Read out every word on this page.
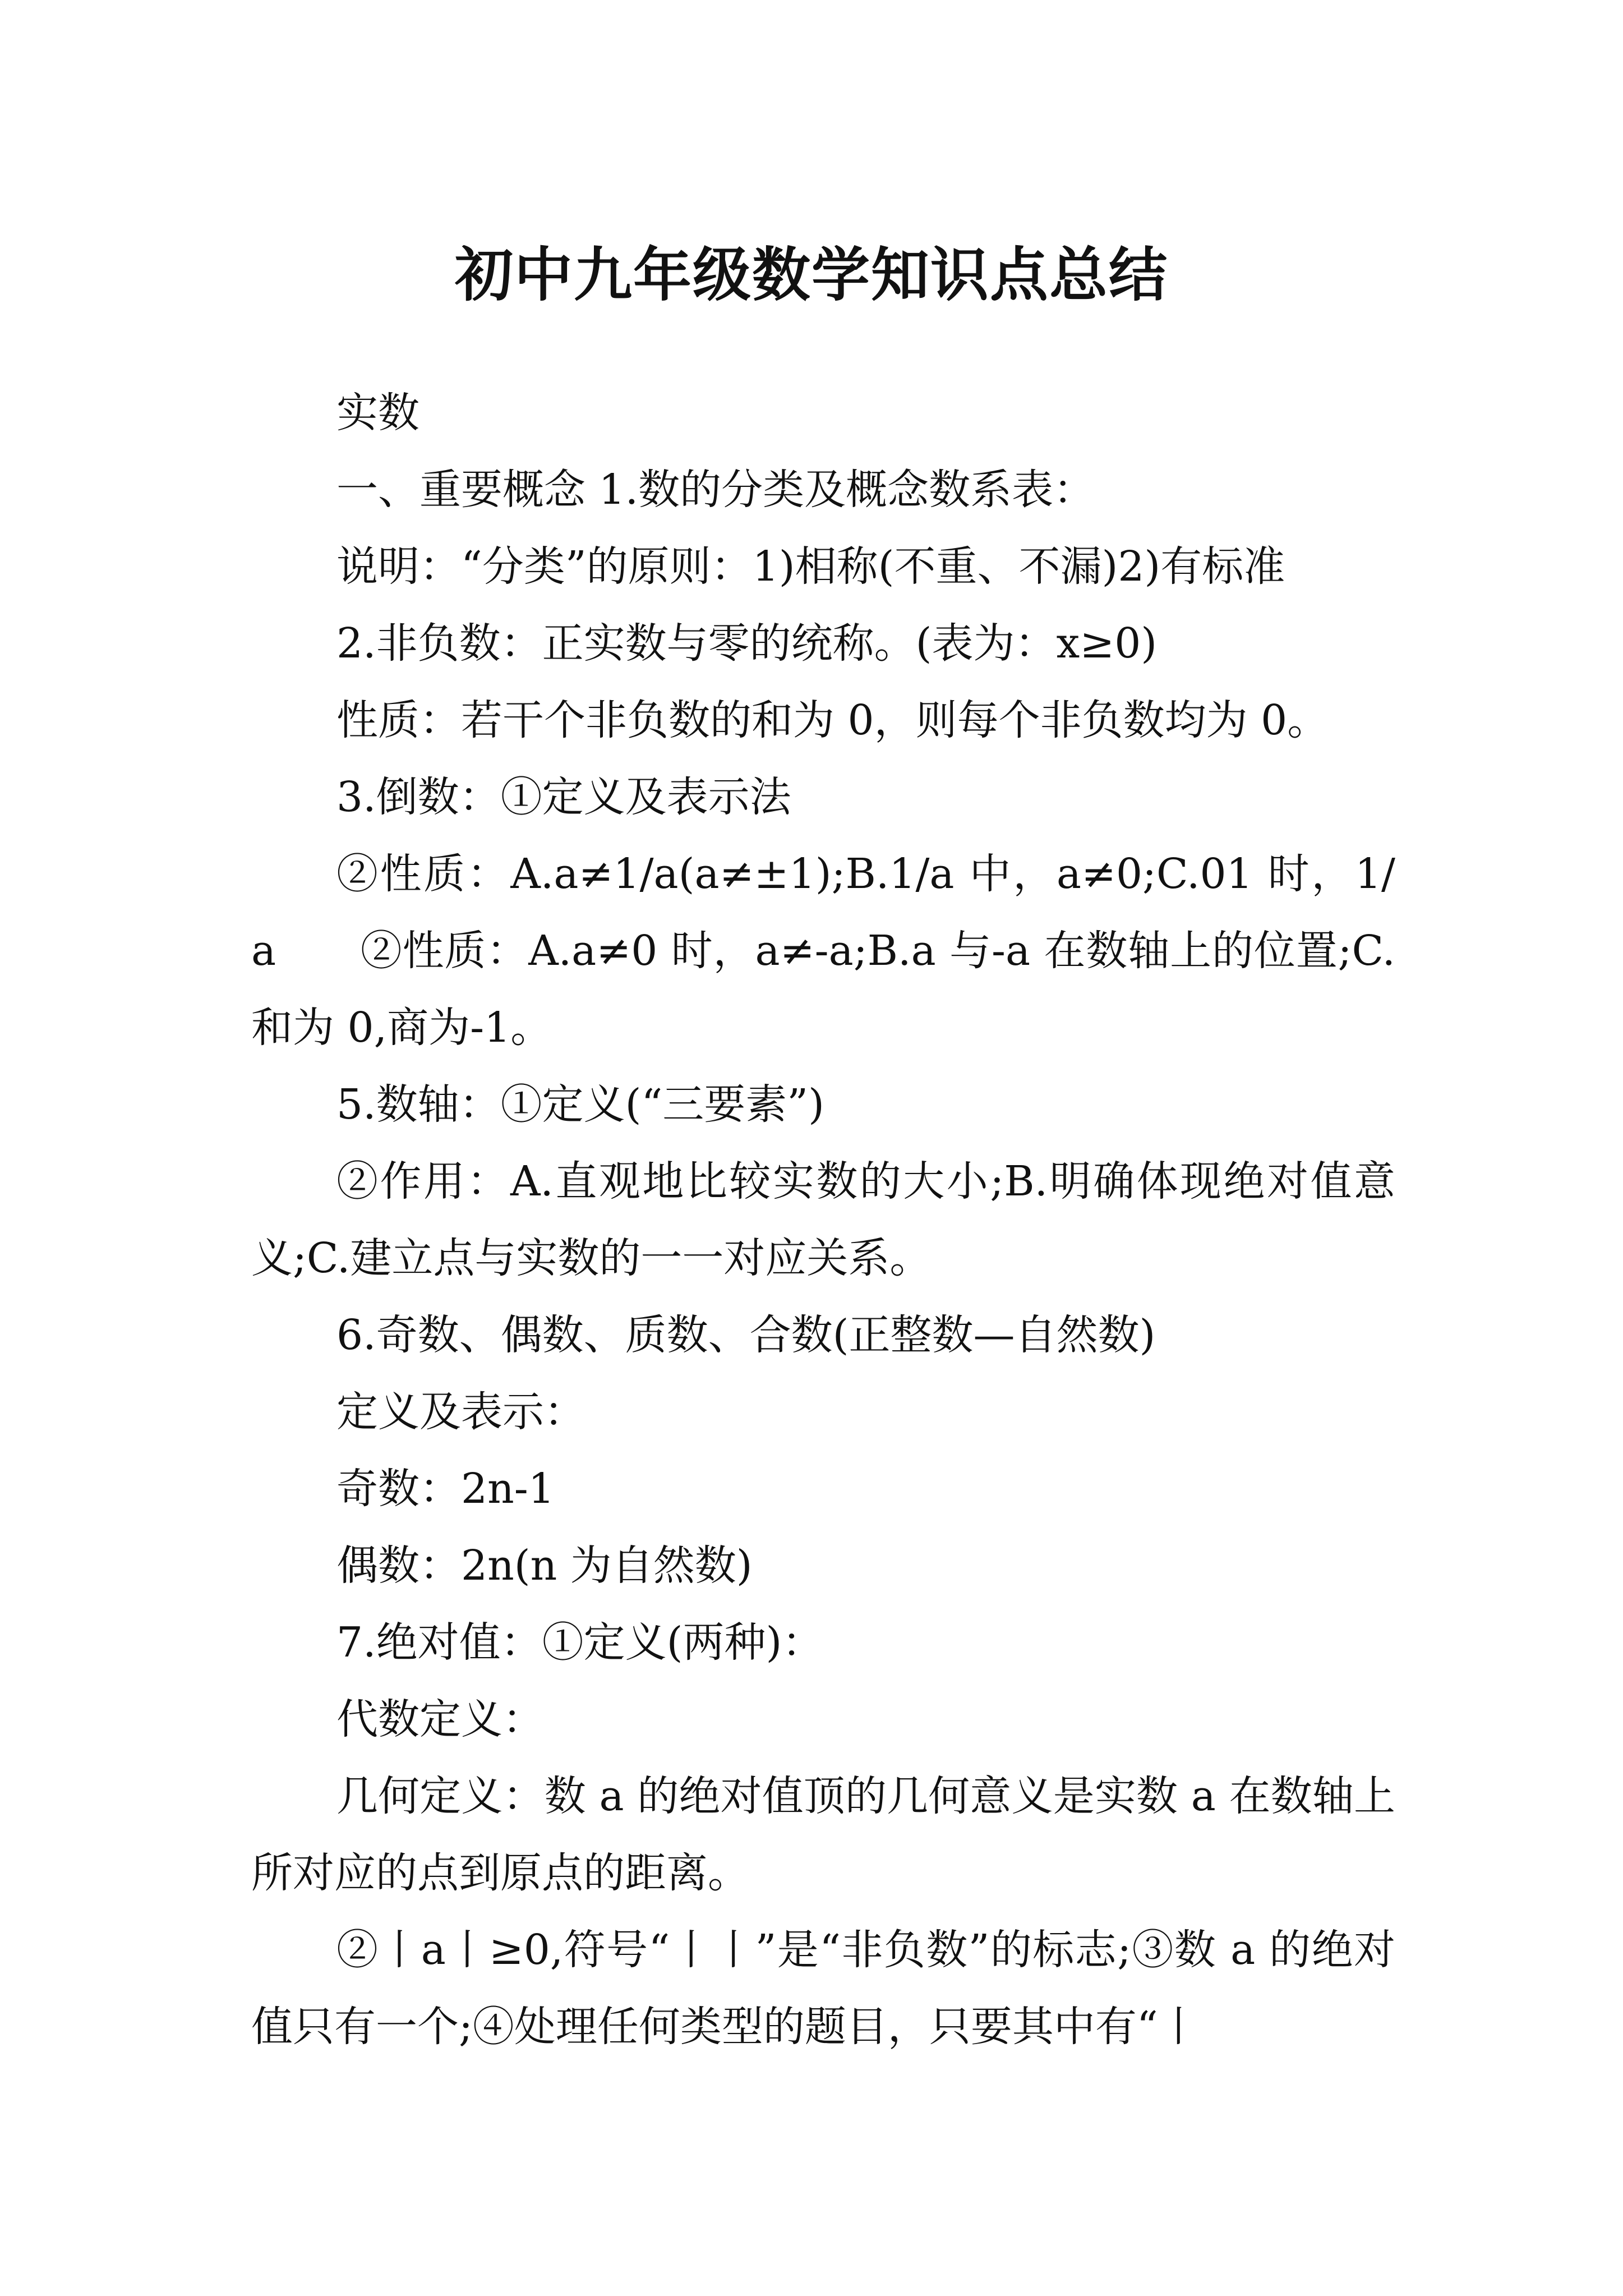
初中九年级数学知识点总结

实数

一、重要概念 1.数的分类及概念数系表：

说明：“分类”的原则：1)相称(不重、不漏)2)有标准

2.非负数：正实数与零的统称。(表为：x≥0)

性质：若干个非负数的和为 0，则每个非负数均为 0。

3.倒数：①定义及表示法

②性质：A.a≠1/a(a≠±1);B.1/a 中，a≠0;C.01 时，1/a　　②性质：A.a≠0 时，a≠-a;B.a 与-a 在数轴上的位置;C.和为 0,商为-1。

5.数轴：①定义(“三要素”)

②作用：A.直观地比较实数的大小;B.明确体现绝对值意义;C.建立点与实数的一一对应关系。

6.奇数、偶数、质数、合数(正整数—自然数)

定义及表示：

奇数：2n-1

偶数：2n(n 为自然数)

7.绝对值：①定义(两种)：

代数定义：

几何定义：数 a 的绝对值顶的几何意义是实数 a 在数轴上所对应的点到原点的距离。

②丨a丨≥0,符号“丨丨”是“非负数”的标志;③数 a 的绝对值只有一个;④处理任何类型的题目，只要其中有“丨
